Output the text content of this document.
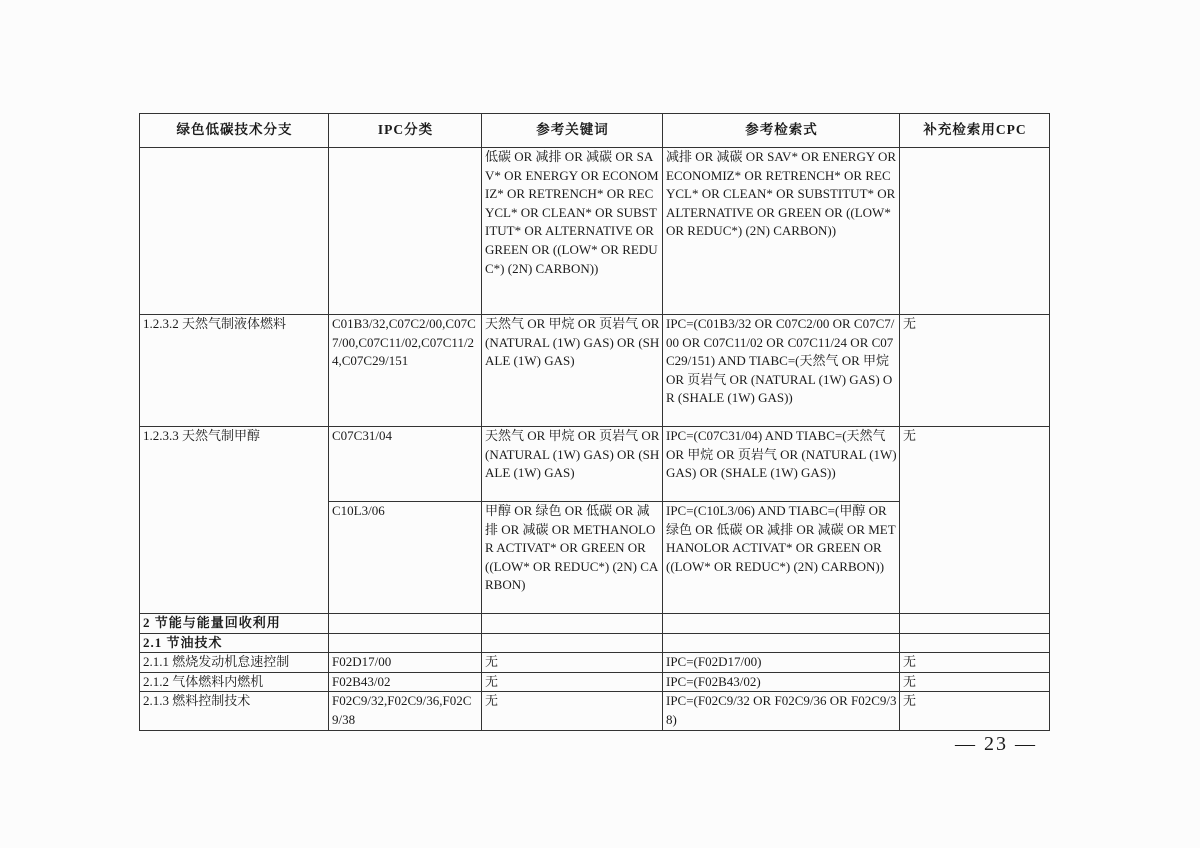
绿色低碳技术分支	IPC分类	参考关键词	参考检索式	补充检索用CPC
		低碳 OR 减排 OR 减碳 OR SAV* OR ENERGY OR ECONOMIZ* OR RETRENCH* OR RECYCL* OR CLEAN* OR SUBSTITUT* OR ALTERNATIVE OR GREEN OR ((LOW* OR REDUC*) (2N) CARBON))	减排 OR 减碳 OR SAV* OR ENERGY OR ECONOMIZ* OR RETRENCH* OR RECYCL* OR CLEAN* OR SUBSTITUT* OR ALTERNATIVE OR GREEN OR ((LOW* OR REDUC*) (2N) CARBON))	
1.2.3.2 天然气制液体燃料	C01B3/32,C07C2/00,C07C7/00,C07C11/02,C07C11/24,C07C29/151	天然气 OR 甲烷 OR 页岩气 OR (NATURAL (1W) GAS) OR (SHALE (1W) GAS)	IPC=(C01B3/32 OR C07C2/00 OR C07C7/00 OR C07C11/02 OR C07C11/24 OR C07C29/151) AND TIABC=(天然气 OR 甲烷 OR 页岩气 OR (NATURAL (1W) GAS) OR (SHALE (1W) GAS))	无
1.2.3.3 天然气制甲醇	C07C31/04	天然气 OR 甲烷 OR 页岩气 OR (NATURAL (1W) GAS) OR (SHALE (1W) GAS)	IPC=(C07C31/04) AND TIABC=(天然气 OR 甲烷 OR 页岩气 OR (NATURAL (1W) GAS) OR (SHALE (1W) GAS))	无
	C10L3/06	甲醇 OR 绿色 OR 低碳 OR 减排 OR 减碳 OR METHANOLOR ACTIVAT* OR GREEN OR ((LOW* OR REDUC*) (2N) CARBON)	IPC=(C10L3/06) AND TIABC=(甲醇 OR 绿色 OR 低碳 OR 减排 OR 减碳 OR METHANOLOR ACTIVAT* OR GREEN OR ((LOW* OR REDUC*) (2N) CARBON))	
2 节能与能量回收利用				
2.1 节油技术				
2.1.1 燃烧发动机怠速控制	F02D17/00	无	IPC=(F02D17/00)	无
2.1.2 气体燃料内燃机	F02B43/02	无	IPC=(F02B43/02)	无
2.1.3 燃料控制技术	F02C9/32,F02C9/36,F02C9/38	无	IPC=(F02C9/32 OR F02C9/36 OR F02C9/38)	无
— 23 —
